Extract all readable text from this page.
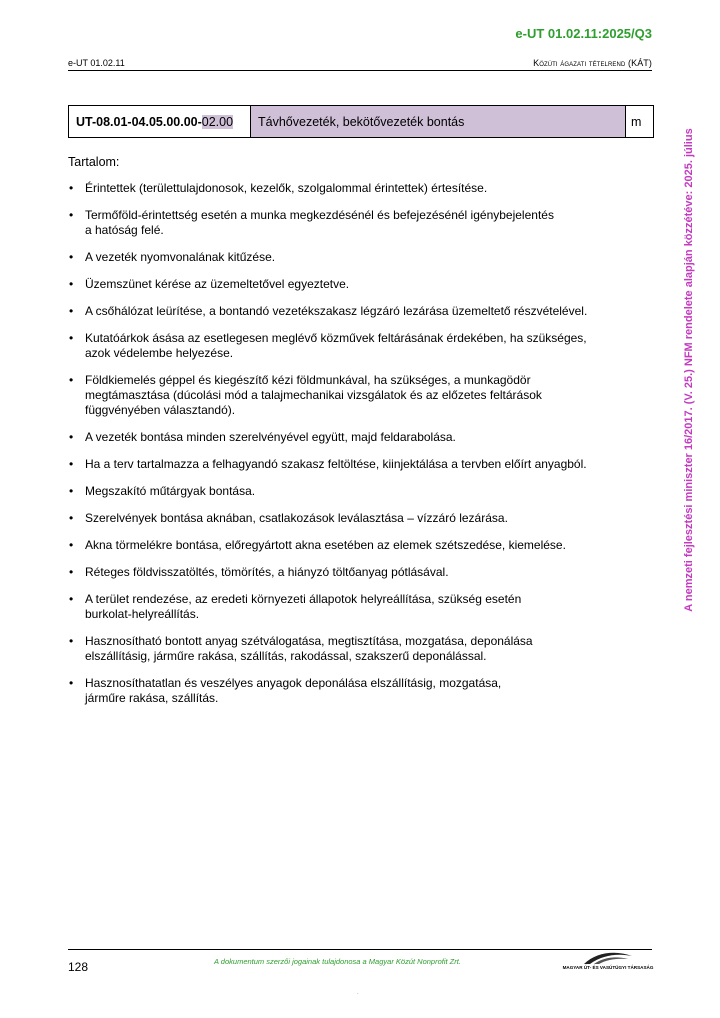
e-UT 01.02.11:2025/Q3
e-UT 01.02.11	Közúti ágazati tételrend (KÁT)
A nemzeti fejlesztési miniszter 16/2017. (V. 25.) NFM rendelete alapján közzétéve: 2025. július
UT-08.01-04.05.00.00- 02.00	Távhővezeték, bekötővezeték bontás	m
Tartalom:
• Érintettek (területtulajdonosok, kezelők, szolgalommal érintettek) értesítése.
• Termőföld-érintettség esetén a munka megkezdésénél és befejezésénél igénybejelentés
a hatóság felé.
• A vezeték nyomvonalának kitűzése.
• Üzemszünet kérése az üzemeltetővel egyeztetve.
• A csőhálózat leürítése, a bontandó vezetékszakasz légzáró lezárása üzemeltető részvételével.
• Kutatóárkok ásása az esetlegesen meglévő közművek feltárásának érdekében, ha szükséges,
azok védelembe helyezése.
• Földkiemelés géppel és kiegészítő kézi földmunkával, ha szükséges, a munkagödör
megtámasztása (dúcolási mód a talajmechanikai vizsgálatok és az előzetes feltárások
függvényében választandó).
• A vezeték bontása minden szerelvényével együtt, majd feldarabolása.
• Ha a terv tartalmazza a felhagyandó szakasz feltöltése, kiinjektálása a tervben előírt anyagból.
• Megszakító műtárgyak bontása.
• Szerelvények bontása aknában, csatlakozások leválasztása – vízzáró lezárása.
• Akna törmelékre bontása, előregyártott akna esetében az elemek szétszedése, kiemelése.
• Réteges földvisszatöltés, tömörítés, a hiányzó töltőanyag pótlásával.
• A terület rendezése, az eredeti környezeti állapotok helyreállítása, szükség esetén
burkolat-helyreállítás.
• Hasznosítható bontott anyag szétválogatása, megtisztítása, mozgatása, deponálása
elszállításig, járműre rakása, szállítás, rakodással, szakszerű deponálással.
• Hasznosíthatatlan és veszélyes anyagok deponálása elszállításig, mozgatása,
járműre rakása, szállítás.
128	A dokumentum szerzői jogainak tulajdonosa a Magyar Közút Nonprofit Zrt.
MAGYAR ÚT- ÉS VASÚTÜGYI TÁRSASÁG
.
